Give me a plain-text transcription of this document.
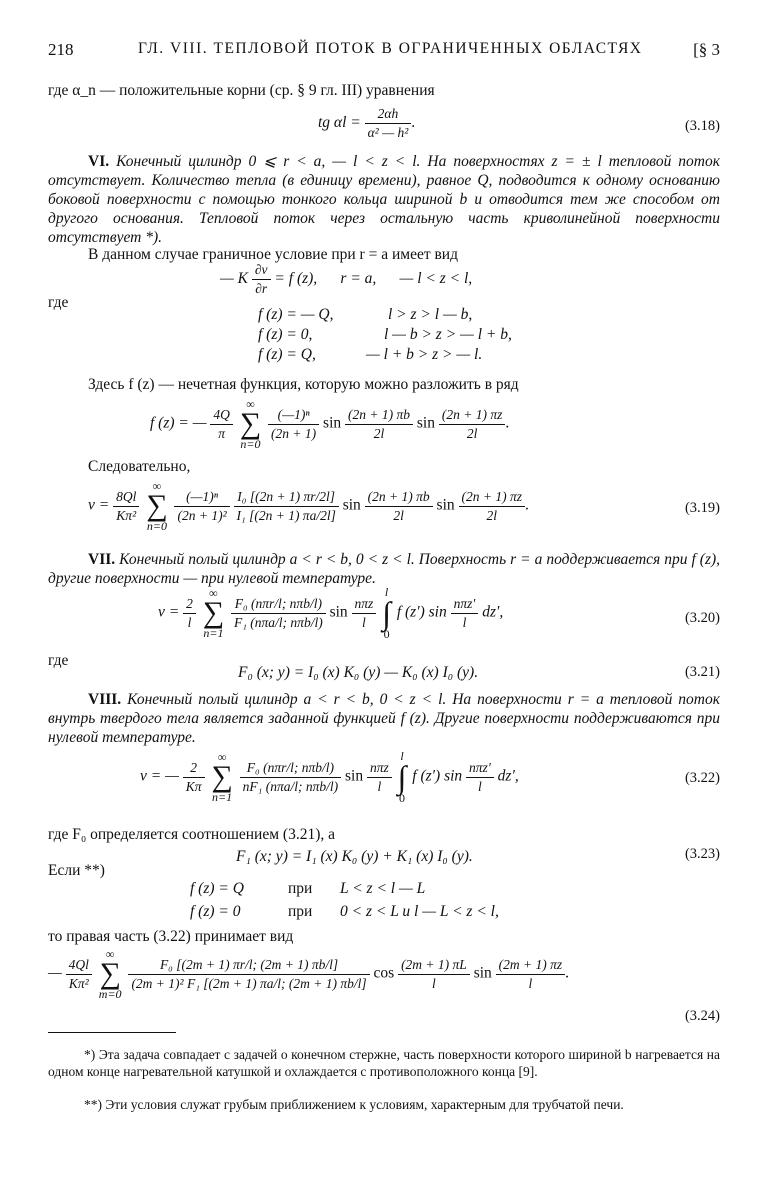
218	ГЛ. VIII. ТЕПЛОВОЙ ПОТОК В ОГРАНИЧЕННЫХ ОБЛАСТЯХ	[§ 3
где α_n — положительные корни (ср. § 9 гл. III) уравнения
tg $\alpha l = \frac{2\alpha h}{\text{α² — h²}}$ .	(3.18)
VI. Конечный цилиндр 0 ⩽ r < a, — l < z < l. На поверхностях z = ± l тепловой поток отсутствует. Количество тепла (в единицу времени), равное Q, подводится к одному основанию боковой поверхности с помощью тонкого кольца шириной b и отводится тем же способом от другого основания. Тепловой поток через остальную часть криволинейной поверхности отсутствует *).
В данном случае граничное условие при r = a имеет вид
— K $\frac{\partial v}{\partial r} = f$ (z),      r = a,      — l < z < l,
где
f (z) = — Q,	l > z > l — b,
f (z) = 0,	l — b > z > — l + b,
f (z) = Q,	— l + b > z > — l.
Здесь f (z) — нечетная функция, которую можно разложить в ряд
f (z) = — $\frac{4Q}{\pi}$

∞
∑
n=0

$\frac{\text{(—1)ⁿ}}{(2n + 1)}$ $\sin \frac{(2n + 1) \pi b}{2l}$ $\sin \frac{(2n + 1) \pi z}{2l}$ .
Следовательно,
$v = \frac{8Ql}{\text{Kπ²}}$

∞
∑
n=0

$\frac{\text{(—1)ⁿ}}{\text{(2n + 1)²}}$
$\frac{\text{I₀ [(2n + 1) πr/2l]}}{\text{I₁ [(2n + 1) πa/2l]}}$ $\sin \frac{(2n + 1) \pi b}{2l}$ $\sin \frac{(2n + 1) \pi z}{2l}$ .	(3.19)
VII. Конечный полый цилиндр a < r < b, 0 < z < l. Поверхность r = a поддерживается при f (z), другие поверхности — при нулевой температуре.
$v = \frac{2}{l}$

∞
∑
n=1

$\frac{\text{F₀ (nπr/l; nπb/l)}}{\text{F₁ (nπa/l; nπb/l)}}$ $\sin \frac{\text{nπz}}{l}$

l
∫
0
f (z′) $\sin \frac{\text{nπz′}}{l} dz'$,	(3.20)
где
F₀ (x; y) = I₀ (x) K₀ (y) — K₀ (x) I₀ (y).	(3.21)
VIII. Конечный полый цилиндр a < r < b, 0 < z < l. На поверхности r = a тепловой поток внутрь твердого тела является заданной функцией f (z). Другие поверхности поддерживаются при нулевой температуре.
v = — $\frac{2}{K\pi}$

∞
∑
n=1

$\frac{\text{F₀ (nπr/l; nπb/l)}}{\text{nF₁ (nπa/l; nπb/l)}}$ $\sin \frac{\text{nπz}}{l}$

l
∫
0
f (z′) $\sin \frac{\text{nπz′}}{l} dz'$,	(3.22)
где F₀ определяется соотношением (3.21), а
F₁ (x; y) = I₁ (x) K₀ (y) + K₁ (x) I₀ (y).	(3.23)
Если **)
f (z) = Q	при L < z < l — L
f (z) = 0	при 0 < z < L и l — L < z < l,
то правая часть (3.22) принимает вид
— $\frac{4Ql}{\text{Kπ²}}$

∞
∑
m=0

$\frac{\text{F₀ [(2m + 1) πr/l; (2m + 1) πb/l]}}{\text{(2m + 1)² F₁ [(2m + 1) πa/l; (2m + 1) πb/l]}}$ $\cos \frac{(2m + 1) \pi L}{l}$ $\sin \frac{(2m + 1) \pi z}{l}$ .
(3.24)
*) Эта задача совпадает с задачей о конечном стержне, часть поверхности которого шириной b нагревается на одном конце нагревательной катушкой и охлаждается с противоположного конца [9].
**) Эти условия служат грубым приближением к условиям, характерным для трубчатой печи.
